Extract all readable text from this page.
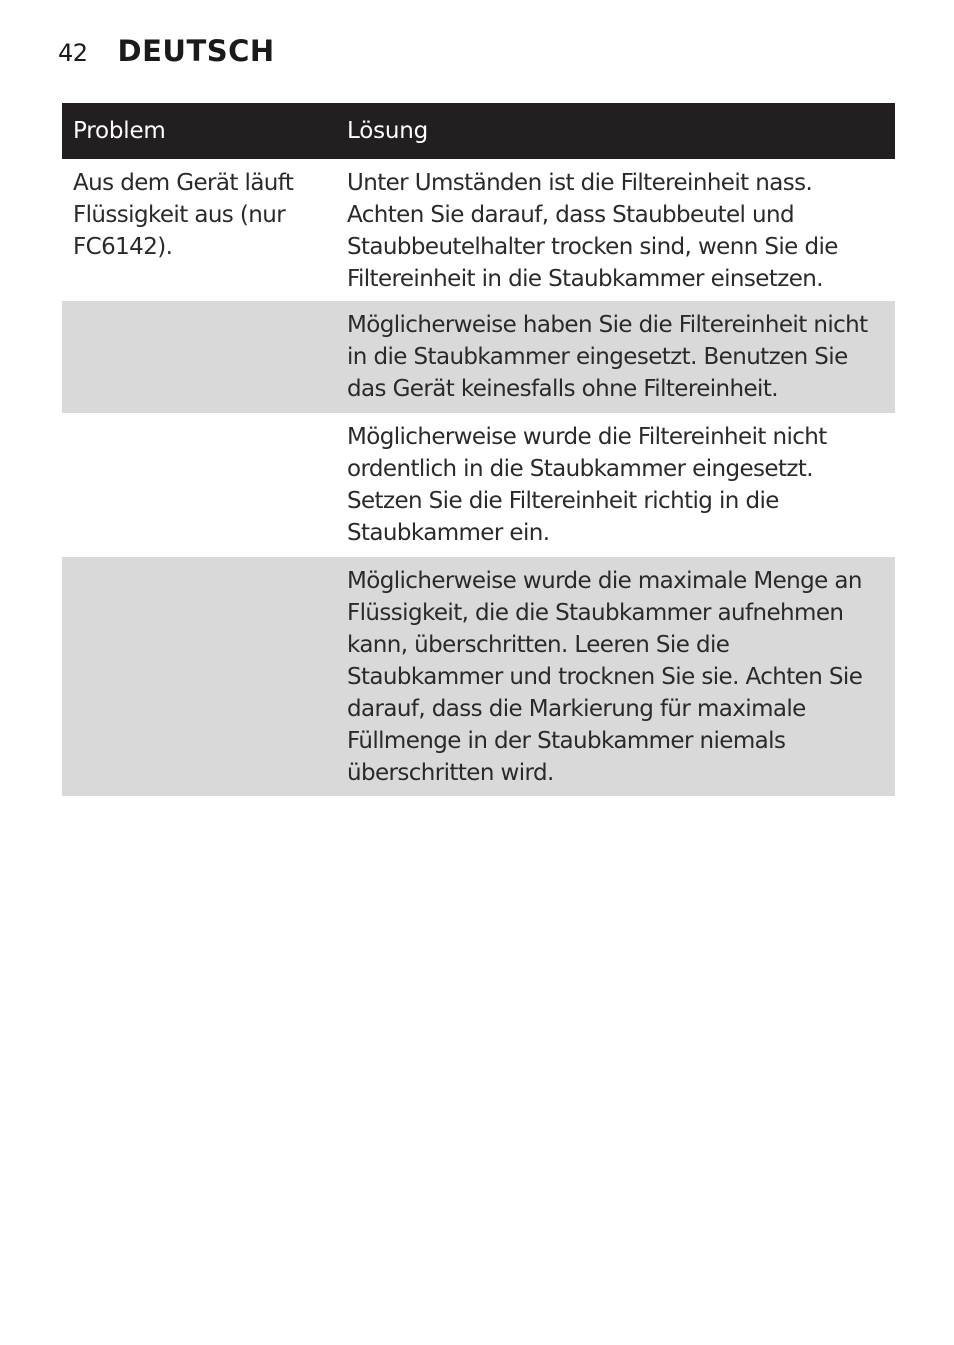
42 DEUTSCH
Problem	Lösung
Aus dem Gerät läuft
Flüssigkeit aus (nur
FC6142).
Unter Umständen ist die Filtereinheit nass.
Achten Sie darauf, dass Staubbeutel und
Staubbeutelhalter trocken sind, wenn Sie die
Filtereinheit in die Staubkammer einsetzen.
Möglicherweise haben Sie die Filtereinheit nicht
in die Staubkammer eingesetzt. Benutzen Sie
das Gerät keinesfalls ohne Filtereinheit.
Möglicherweise wurde die Filtereinheit nicht
ordentlich in die Staubkammer eingesetzt.
Setzen Sie die Filtereinheit richtig in die
Staubkammer ein.
Möglicherweise wurde die maximale Menge an
Flüssigkeit, die die Staubkammer aufnehmen
kann, überschritten. Leeren Sie die
Staubkammer und trocknen Sie sie. Achten Sie
darauf, dass die Markierung für maximale
Füllmenge in der Staubkammer niemals
überschritten wird.
